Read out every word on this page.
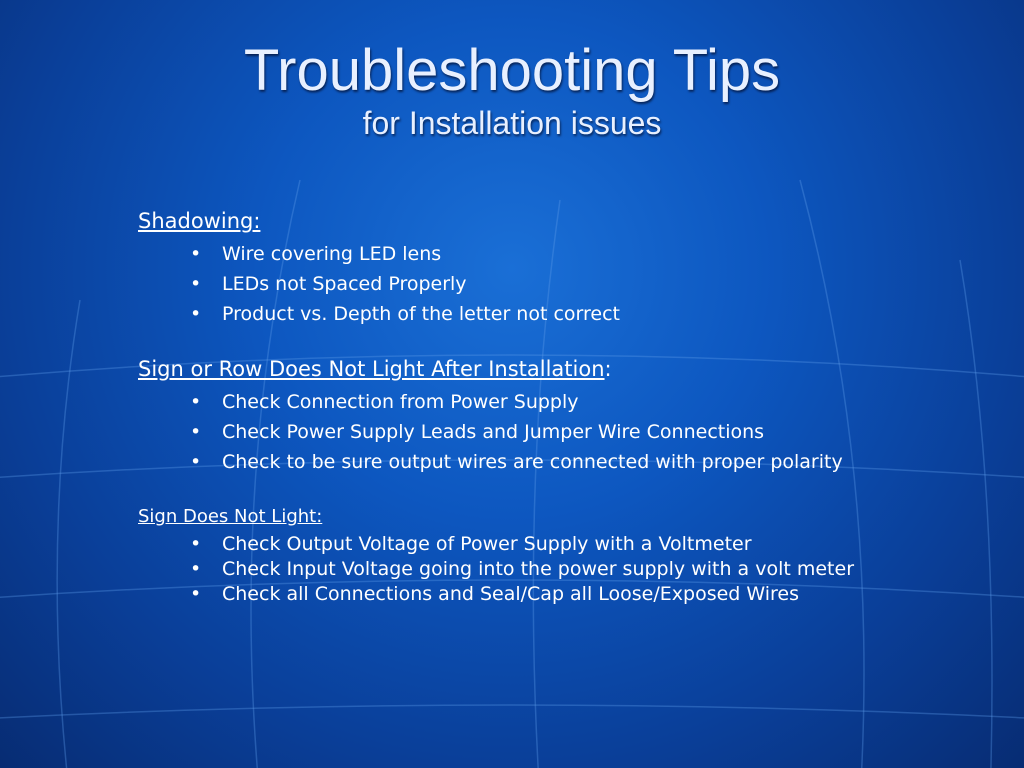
Troubleshooting Tips
for Installation issues
Shadowing:
• Wire covering LED lens
• LEDs not Spaced Properly
• Product vs. Depth of the letter not correct
Sign or Row Does Not Light After Installation:
• Check Connection from Power Supply
• Check Power Supply Leads and Jumper Wire Connections
• Check to be sure output wires are connected with proper polarity
Sign Does Not Light:
• Check Output Voltage of Power Supply with a Voltmeter
• Check Input Voltage going into the power supply with a volt meter
• Check all Connections and Seal/Cap all Loose/Exposed Wires
